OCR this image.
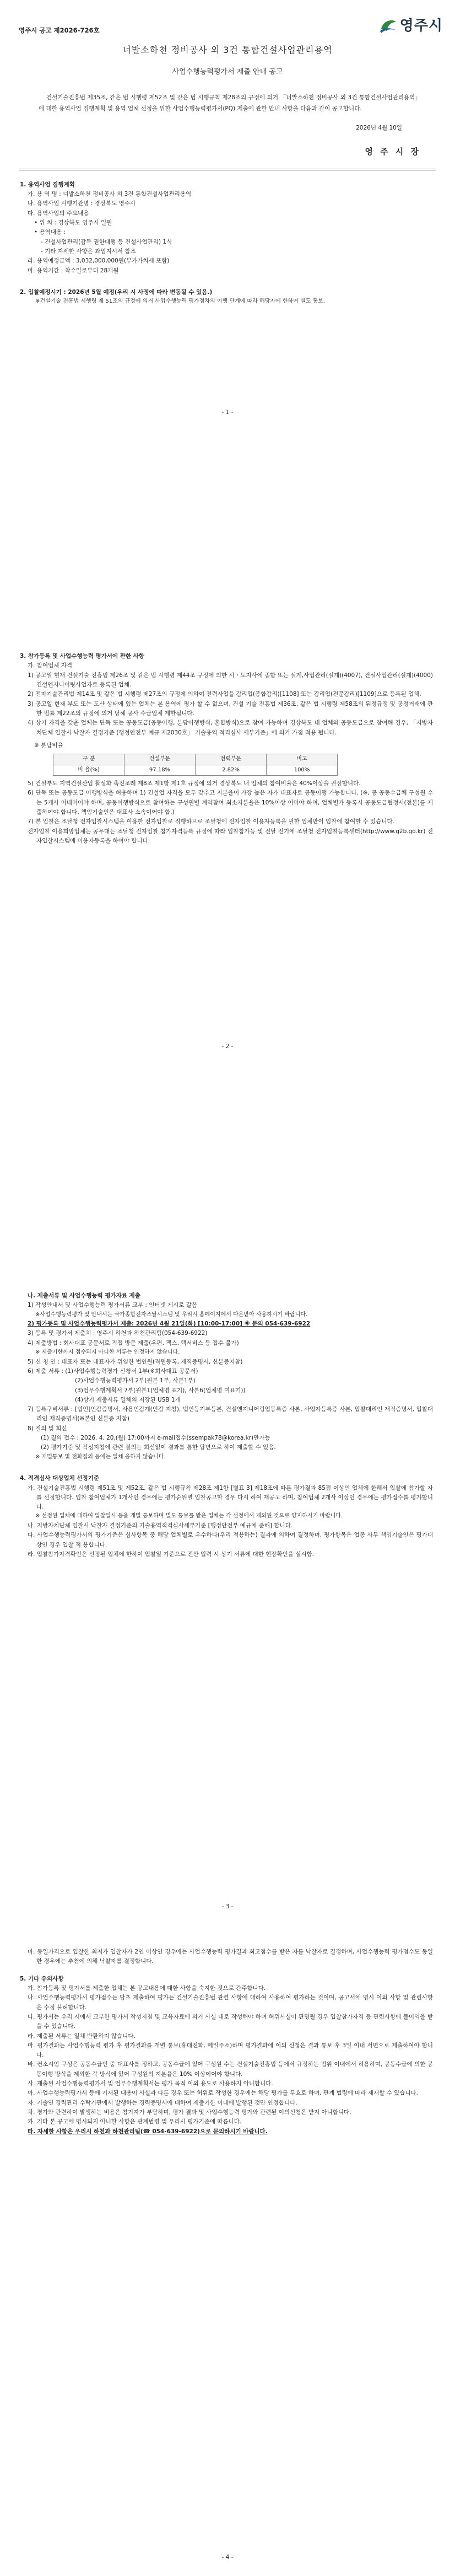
영주시 공고 제2026-726호	영주시
너발소하천 정비공사 외 3건 통합건설사업관리용역
사업수행능력평가서 제출 안내 공고
건설기술진흥법 제35조, 같은 법 시행령 제52조 및 같은 법 시행규칙 제28조의 규정에 의거 「너발소하천 정비공사 외 3건 통합건설사업관리용역」에 대한 용역사업 집행계획 및 용역 업체 선정을 위한 사업수행능력평가서(PQ) 제출에 관한 안내 사항을 다음과 같이 공고합니다.
2026년 4월 10일
영 주 시 장
1. 용역사업 집행계획
가. 용 역 명 : 너발소하천 정비공사 외 3건 통합건설사업관리용역
나. 용역사업 시행기관명 : 경상북도 영주시
다. 용역사업의 주요내용
• 위 치 : 경상북도 영주시 일원
• 용역내용 :
- 건설사업관리(감독 권한대행 등 건설사업관리) 1식
- 기타 자세한 사항은 과업지시서 참조
라. 용역예정금액 : 3,032,000,000원(부가가치세 포함)
마. 용역기간 : 착수일로부터 28개월
2. 입찰예정시기 : 2026년 5월 예정(우리 시 사정에 따라 변동될 수 있음.)
※건설기술 진흥법 시행령 제 51조의 규정에 의거 사업수행능력 평가점차의 이행 단계에 따라 해당자에 한하여 별도 통보.
- 1 -
3. 참가등록 및 사업수행능력 평가서에 관한 사항
가. 참여업체 자격
1) 공고일 현재 건설기술 진흥법 제26조 및 같은 법 시행령 제44조 규정에 의한 시・도지사에 종합 또는 설계,사업관리(설계)(4007), 건설사업관리(설계)(4000) 건설엔지니어링사업자로 등록된 업체.
2) 전자기술관리법 제14조 및 같은 법 시행령 제27조의 규정에 의하여 전력사업을 감리업(종합감리)[1108] 또는 감리업(전문감리)[1109]으로 등록된 업체.
3) 공고일 현재 부도 또는 도산 상태에 있는 업체는 본 용역에 평가 할 수 없으며, 건설 기술 진흥법 제36조, 같은 법 시행령 제58조의 뒤정규정 및 공정거래에 관한 법률 제22조의 규정에 의거 당해 공사 수급업체 제한됨니다.
4) 상기 자격을 갖춘 업체는 단독 또는 공동도급(공동이행, 분담이행방식, 혼합방식)으로 참여 가능하며 경상북도 내 업체와 공동도급으로 참여해 경우, 「지방자치단체 입찰시 낙찰자 결정기준 (행정안전부 예규 제2030호」 기술용역 적격심사 세부기준」에 의거 가점 적용 됩니다.
※ 분담비율
구 분	건설부문	전력부문	비고
비 율(%)	97.18%	2.82%	100%
5) 건설부도 지역건설산업 활성화 촉진조례 제8조 제1항 제1호 규정에 의거 경상북도 내 업체의 참여비율은 40%이상을 권장합니다.
6) 단독 또는 공동도급 이행방식을 허용하며 1) 건설업 자격을 모두 갖추고 지분율이 가장 높은 자가 대표자로 공동이행 가능합니다. (※, 공 공동수급체 구성원 수는 5개사 이내이어야 하며, 공동이행방식으로 참여하는 구성원별 계약참여 최소지분율은 10%이상 이어야 하며, 업체별가 등록시 공동도급협정서(전본)를 제출하여야 합니다. 책임기술인은 대표사 소속이어야 합.)
7) 본 입찰은 조달청 전자입찰시스템을 이용한 전자입찰로 집행하므로 조달청에 전자입찰 이용자등록을 필한 업체만이 입찰에 참여할 수 있습니다.
전자입찰 이용희망업체는 공우대는 조달청 전자입찰 참가자격등록 규정에 따라 입찰참가등 및 전달 전기에 조달청 전자입찰등록센터(http://www.g2b.go.kr) 전자입찰시스템에 이용자등록을 하여야 합니다.
- 2 -
나. 제출서류 및 사업수행능력 평가자료 제출
1) 작성안내서 및 사업수행능력 평가서류 교부 : 인터넷 게시로 갈음
※사업수행능력평가 및 안내서는 국가종합전자조달시스템 및 우리시 홈페이지에서 다운받아 사용하시기 바랍니다.
2) 평가등록 및 사업수행능력평가서 제출: 2026년 4월 21일(화) [10:00-17:00] ※ 문의 054-639-6922
3) 등록 및 평가서 제출처 : 영주시 하천과 하천관리팀(054-639-6922)
4) 제출방법 : 회사대표 공문서로 직접 방문 제출(우편, 팩스, 택서비스 등 접수 불가)
※ 제출기한까지 접수되지 아니한 서류는 인정하지 않습니다.
5) 신 청 인 : 대표자 또는 대표자가 위임한 법인원(직원등록, 재직증명서, 신분증지참)
6) 제출 서류 : (1)사업수행능력평가 신청서 1부(※회사대표 공문서)
(2)사업수행능력평가서 2부(원본 1부, 사본1부)
(3)업무수행계획서 7부(원본1(업체명 표기), 사본6(업체명 미표기))
(4)상기 제출서류 일체의 저장된 USB 1개
7) 등록구비서류 : [법인]인감증명서, 사용인감계(인감 지참), 법인등기부등본, 건설엔지니어링업등록증 사본, 사업자등록증 사본, 입찰대리인 재직증명서, 입찰대리인 재직증명서(※본인 신분증 지참)
8) 질의 및 회신
(1) 질의 접수 : 2026. 4. 20.(월) 17:00까지 e-mail접수(ssempak78@korea.kr)만가능
(2) 평가기준 및 작성지침에 관련 질의는 회신없이 결과를 통한 답변으로 하여 제출할 수 있음.
※ 개별통보 및 전화질의 등에는 일체 응하지 않습니다.
4. 적격심사 대상업체 선정기준
가. 건설기술진흥법 시행령 제51조 및 제52조, 같은 법 시행규칙 제28조 제1항 [별표 3] 제18조에 따른 평가결과 85점 이상인 업체에 한해서 입찰에 참가할 자를 선정합니다. 입찰 참여업체가 1개사인 경우에는 평가순위별 입찰공고할 경우 다시 하여 재공고 하며, 참여업체 2개사 이상인 경우에는 평가점수를 평가합니다.
※ 선정된 업체에 대하여 입찰일시 등을 개별 통보하며 별도 통보를 받은 업체는 각 선정에서 제외된 것으로 양지하시기 바랍니다.
나. 지방자치단체 입찰시 낙찰자 결정기준의 기술용역적격심사세부기준 [행정안전부 예규에 준해] 합니다.
다. 사업수행능력평가서의 평가기준은 심사항목 중 해당 업체별로 우수하다(우리 적용하는) 결과에 의하여 결정하며, 평가항목은 업종 사무 책임기술인은 평가대상인 경우 입찰 적 용합니다.
라. 입찰참가자격확인은 선정된 업체에 한하여 입찰일 기준으로 전산 입력 시 상기 서류에 대한 현장확인을 실시함.
- 3 -
마. 동일가격으로 입찰한 최저가 입찰자가 2인 이상인 경우에는 사업수행능력 평가결과 최고점수를 받은 자를 낙찰자로 결정하며, 사업수행능력 평가점수도 동일한 경우에는 추첨에 의해 낙찰자를 결정합니다.
5. 기타 유의사항
가. 참가등록 및 평가서를 제출한 업체는 본 공고내용에 대한 사항을 숙지한 것으로 간주합니다.
나. 사업수행능력평가서 평가점수는 당초 제출하여 평가는 건설기술진흥법 관련 사항에 대하여 사용하여 평가하는 것이며, 공고서에 명시 이외 사항 및 관련사항은 수정 불허합니다.
다. 평가서는 우리 시에서 교부한 평가서 작성지침 및 교육자료에 의거 사실 대로 작성해야 하며 허위사실이 판명될 경우 입찰참가자격 등 관련사항에 불이익을 받을 수 있습니다.
라. 제출된 서류는 일체 반환하지 않습니다.
마. 평가결과는 사업수행능력 평가 후 평가결과를 개별 통보(휴대전화, 메일주소)하며 평가결과에 이의 신청은 결과 통보 후 3일 이내 서면으로 제출하여야 합니다.
바. 컨소시엄 구성은 공동수급인 중 대표사를 정하고, 공동수급에 있어 구성원 수는 건설기술진흥법 등에서 규정하는 범위 이내에서 허용하며, 공동수급에 의한 공동이행 방식을 제외한 각 방식에 있어 구성원의 지분율은 10% 이상이어야 합니다.
사. 제출된 사업수행능력평가서 및 업무수행계획서는 평가 목적 이외 용도로 사용하지 아니합니다.
아. 사업수행능력평가서 등에 기재된 내용이 사실과 다른 경우 또는 허위로 작성한 경우에는 해당 평가를 무효로 하며, 관계 법령에 따라 제재할 수 있습니다.
자. 기술인 경력관리 수탁기관에서 발행하는 경력증명서에 대하여 제출기한 이내에 발행된 것만 인정합니다.
차. 평가와 관련하여 발생하는 비용은 참가자가 부담하며, 평가 결과 및 사업수행능력 평가와 관련된 이의신청은 받지 아니합니다.
카. 기타 본 공고에 명시되지 아니한 사항은 관계법령 및 우리시 평가기준에 따릅니다.
타. 자세한 사항은 우리시 하천과 하천관리팀(☎ 054-639-6922)으로 문의하시기 바랍니다.
- 4 -
